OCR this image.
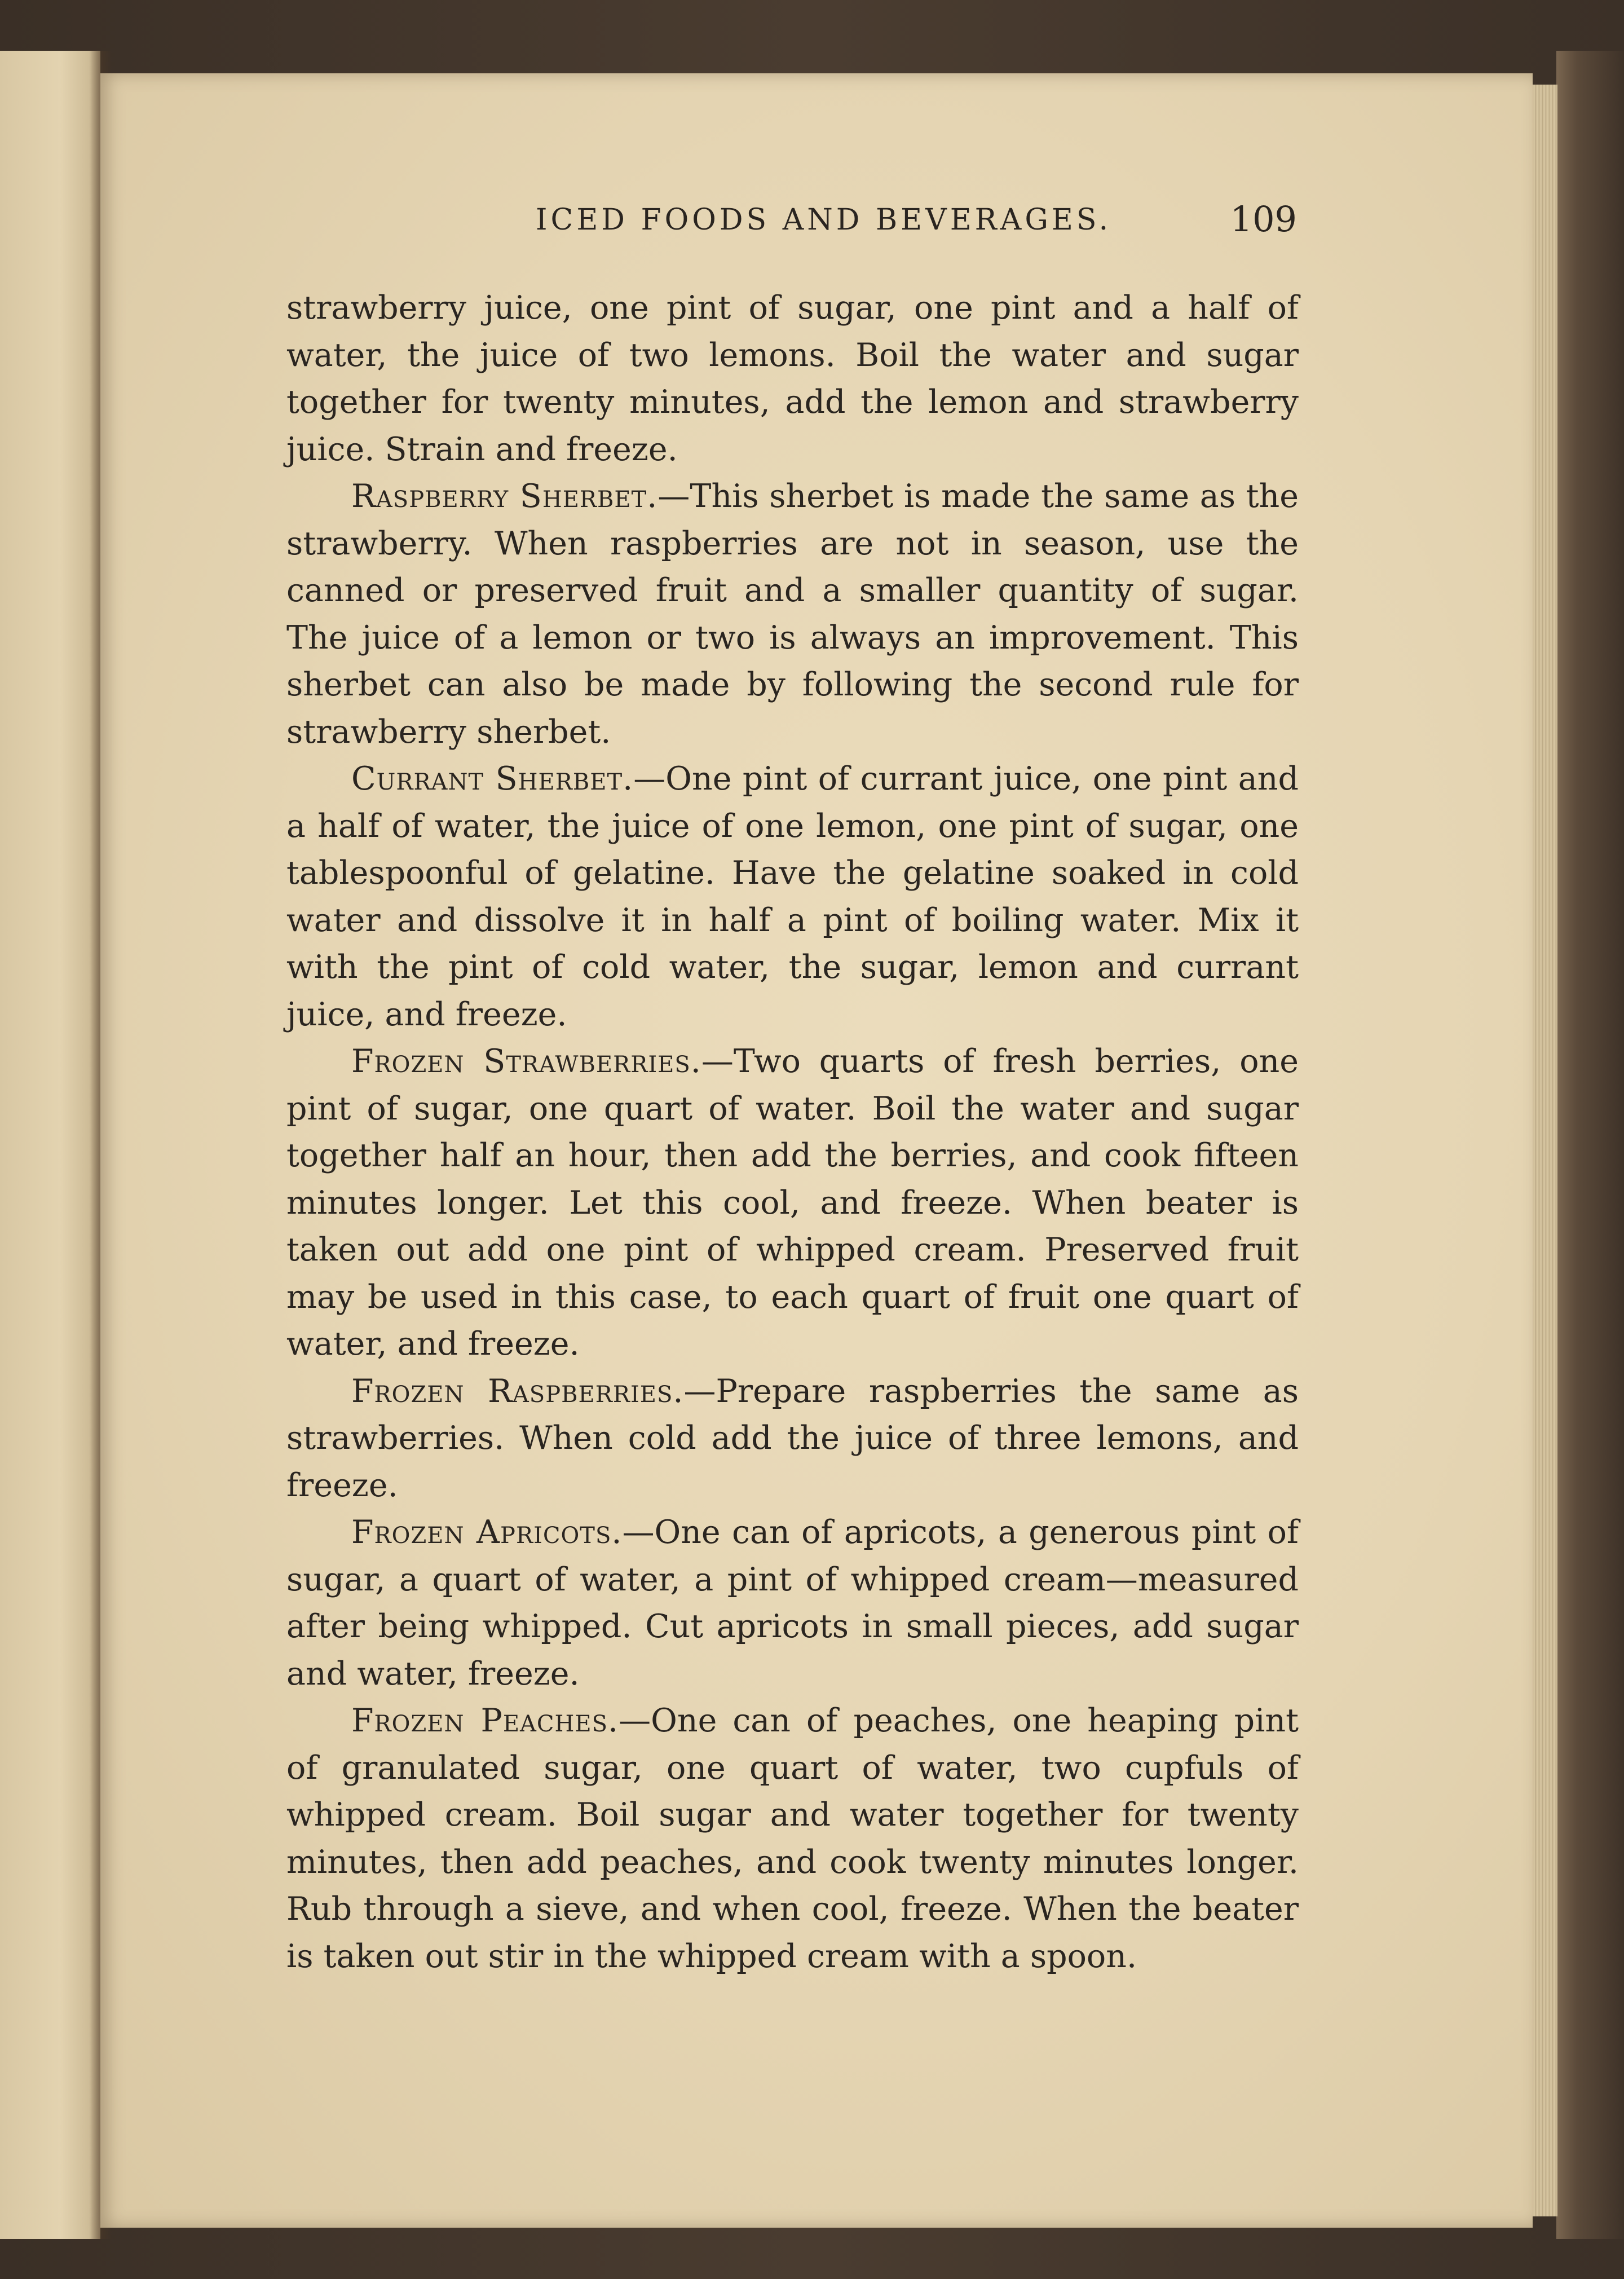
ICED FOODS AND BEVERAGES.	109

strawberry juice, one pint of sugar, one pint and a half of water, the juice of two lemons. Boil the water and sugar together for twenty minutes, add the lemon and strawberry juice. Strain and freeze.

Raspberry Sherbet.—This sherbet is made the same as the strawberry. When raspberries are not in season, use the canned or preserved fruit and a smaller quantity of sugar. The juice of a lemon or two is always an improvement. This sherbet can also be made by following the second rule for strawberry sherbet.

Currant Sherbet.—One pint of currant juice, one pint and a half of water, the juice of one lemon, one pint of sugar, one tablespoonful of gelatine. Have the gelatine soaked in cold water and dissolve it in half a pint of boiling water. Mix it with the pint of cold water, the sugar, lemon and currant juice, and freeze.

Frozen Strawberries.—Two quarts of fresh berries, one pint of sugar, one quart of water. Boil the water and sugar together half an hour, then add the berries, and cook fifteen minutes longer. Let this cool, and freeze. When beater is taken out add one pint of whipped cream. Preserved fruit may be used in this case, to each quart of fruit one quart of water, and freeze.

Frozen Raspberries.—Prepare raspberries the same as strawberries. When cold add the juice of three lemons, and freeze.

Frozen Apricots.—One can of apricots, a generous pint of sugar, a quart of water, a pint of whipped cream—measured after being whipped. Cut apricots in small pieces, add sugar and water, freeze.

Frozen Peaches.—One can of peaches, one heaping pint of granulated sugar, one quart of water, two cupfuls of whipped cream. Boil sugar and water together for twenty minutes, then add peaches, and cook twenty minutes longer. Rub through a sieve, and when cool, freeze. When the beater is taken out stir in the whipped cream with a spoon.
